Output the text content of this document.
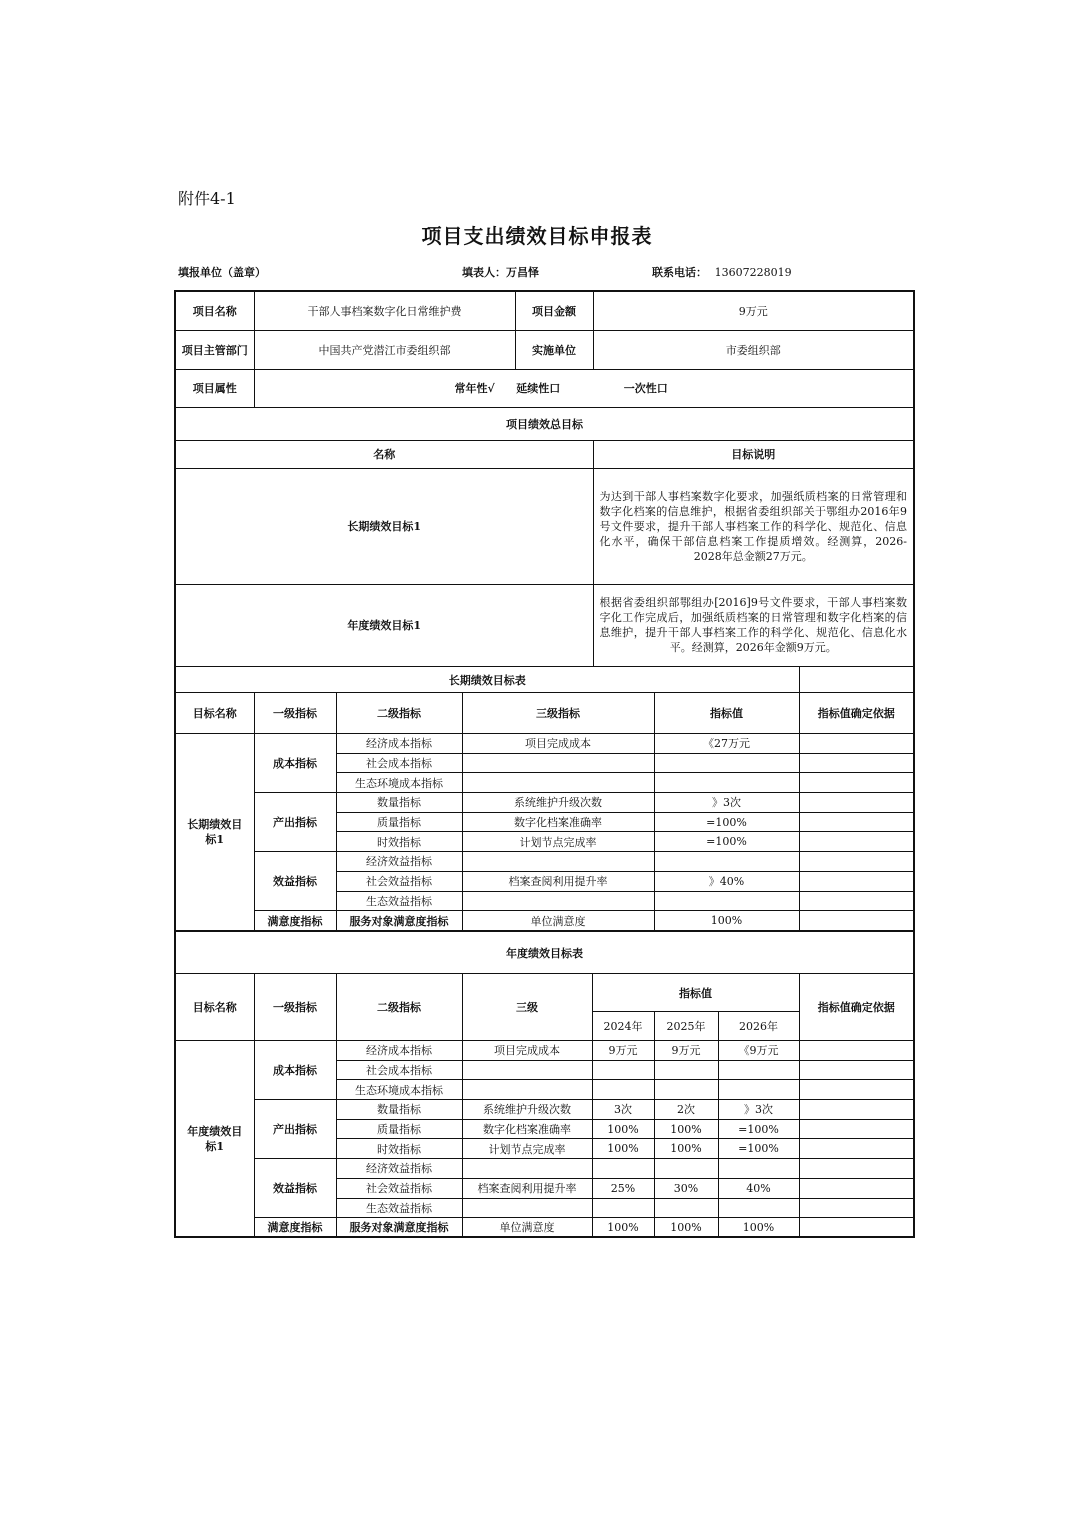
附件4-1
项目支出绩效目标申报表
填报单位（盖章）	填表人：万昌怿	联系电话： 13607228019
项目名称	干部人事档案数字化日常维护费	项目金额	9万元
项目主管部门	中国共产党潜江市委组织部	实施单位	市委组织部
项目属性	常年性√ 延续性口 一次性口		
项目绩效总目标			
名称			目标说明
长期绩效目标1			为达到干部人事档案数字化要求，加强纸质档案的日常管理和数字化档案的信息维护，根据省委组织部关于鄂组办2016年9号文件要求，提升干部人事档案工作的科学化、规范化、信息化水平，确保干部信息档案工作提质增效。经测算，2026-2028年总金额27万元。
年度绩效目标1			根据省委组织部鄂组办[2016]9号文件要求，干部人事档案数字化工作完成后，加强纸质档案的日常管理和数字化档案的信息维护，提升干部人事档案工作的科学化、规范化、信息化水平。经测算，2026年金额9万元。
长期绩效目标表					
目标名称	一级指标	二级指标	三级指标	指标值	指标值确定依据
长期绩效目标1	成本指标	经济成本指标	项目完成成本	《27万元	
		社会成本指标			
		生态环境成本指标			
	产出指标	数量指标	系统维护升级次数	》3次	
		质量指标	数字化档案准确率	=100%	
		时效指标	计划节点完成率	=100%	
	效益指标	经济效益指标			
		社会效益指标	档案查阅利用提升率	》40%	
		生态效益指标			
	满意度指标	服务对象满意度指标	单位满意度	100%	
年度绩效目标表							
目标名称	一级指标	二级指标	三级	指标值			指标值确定依据
				2024年	2025年	2026年	
年度绩效目标1	成本指标	经济成本指标	项目完成成本	9万元	9万元	《9万元	
		社会成本指标					
		生态环境成本指标					
	产出指标	数量指标	系统维护升级次数	3次	2次	》3次	
		质量指标	数字化档案准确率	100%	100%	=100%	
		时效指标	计划节点完成率	100%	100%	=100%	
	效益指标	经济效益指标					
		社会效益指标	档案查阅利用提升率	25%	30%	40%	
		生态效益指标					
	满意度指标	服务对象满意度指标	单位满意度	100%	100%	100%	
